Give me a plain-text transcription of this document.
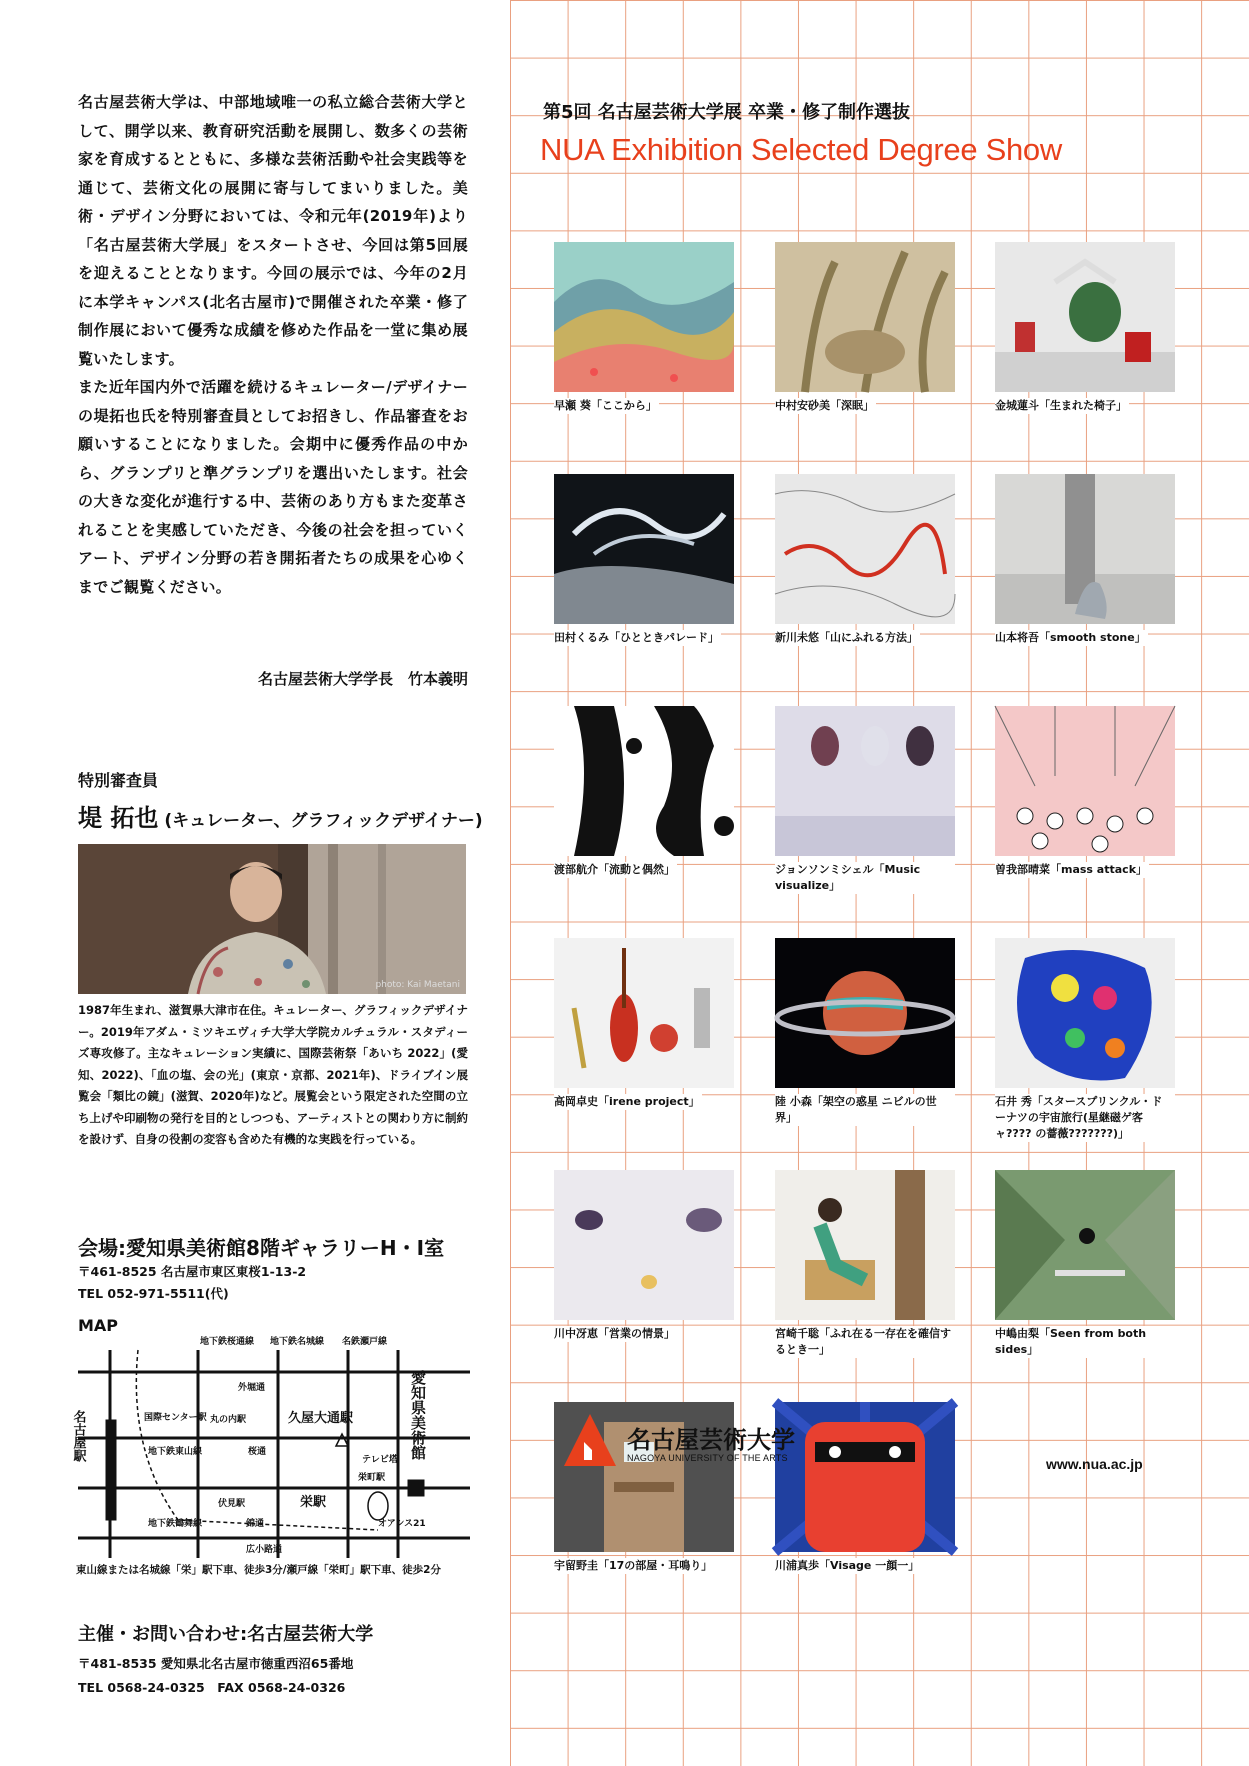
名古屋芸術大学は、中部地域唯一の私立総合芸術大学として、開学以来、教育研究活動を展開し、数多くの芸術家を育成するとともに、多様な芸術活動や社会実践等を通じて、芸術文化の展開に寄与してまいりました。美術・デザイン分野においては、令和元年(2019年)より「名古屋芸術大学展」をスタートさせ、今回は第5回展を迎えることとなります。今回の展示では、今年の2月に本学キャンパス(北名古屋市)で開催された卒業・修了制作展において優秀な成績を修めた作品を一堂に集め展覧いたします。

また近年国内外で活躍を続けるキュレーター/デザイナーの堤拓也氏を特別審査員としてお招きし、作品審査をお願いすることになりました。会期中に優秀作品の中から、グランプリと準グランプリを選出いたします。社会の大きな変化が進行する中、芸術のあり方もまた変革されることを実感していただき、今後の社会を担っていくアート、デザイン分野の若き開拓者たちの成果を心ゆくまでご観覧ください。

名古屋芸術大学学長　竹本義明
特別審査員
堤 拓也 (キュレーター、グラフィックデザイナー)
photo: Kai Maetani

1987年生まれ、滋賀県大津市在住。キュレーター、グラフィックデザイナー。2019年アダム・ミツキエヴィチ大学大学院カルチュラル・スタディーズ専攻修了。主なキュレーション実績に、国際芸術祭「あいち 2022」(愛知、2022)、「血の塩、会の光」(東京・京都、2021年)、ドライブイン展覧会「類比の鏡」(滋賀、2020年)など。展覧会という限定された空間の立ち上げや印刷物の発行を目的としつつも、アーティストとの関わり方に制約を設けず、自身の役割の変容も含めた有機的な実践を行っている。

会場:愛知県美術館8階ギャラリーH・I室
〒461-8525 名古屋市東区東桜1-13-2
TEL 052-971-5511(代)
MAP
地下鉄桜通線 地下鉄名城線 名鉄瀬戸線
外堀通
国際センター駅 丸の内駅	久屋大通駅
地下鉄東山線	桜通
テレビ塔
栄町駅
伏見駅	栄駅
地下鉄鶴舞線	錦通	オアシス21
広小路通
名古屋駅	愛知県美術館
東山線または名城線「栄」駅下車、徒歩3分/瀬戸線「栄町」駅下車、徒歩2分
主催・お問い合わせ:名古屋芸術大学
〒481-8535 愛知県北名古屋市徳重西沼65番地
TEL 0568-24-0325　FAX 0568-24-0326
第5回 名古屋芸術大学展 卒業・修了制作選抜
NUA Exhibition Selected Degree Show
早瀬 葵「ここから」	中村安砂美「深眠」	金城蓮斗「生まれた椅子」
田村くるみ「ひとときパレード」	新川未悠「山にふれる方法」	山本将吾「smooth stone」
渡部航介「流動と偶然」	ジョンソンミシェル「Music visualize」
曽我部晴菜「mass attack」
高岡卓史「irene project」	陸 小森「架空の惑星 ニビルの世界」
石井 秀「スタースプリンクル・ドーナツの宇宙旅行(星継磁ゲ客ャ???? の薔薇???????)」
川中冴恵「営業の情景」	宮崎千聡「ふれ在る一存在を確信するとき一」
中嶋由梨「Seen from both sides」
宇留野圭「17の部屋・耳鳴り」	川浦真歩「Visage 一顔一」
名古屋芸術大学
NAGOYA UNIVERSITY OF THE ARTS	www.nua.ac.jp
